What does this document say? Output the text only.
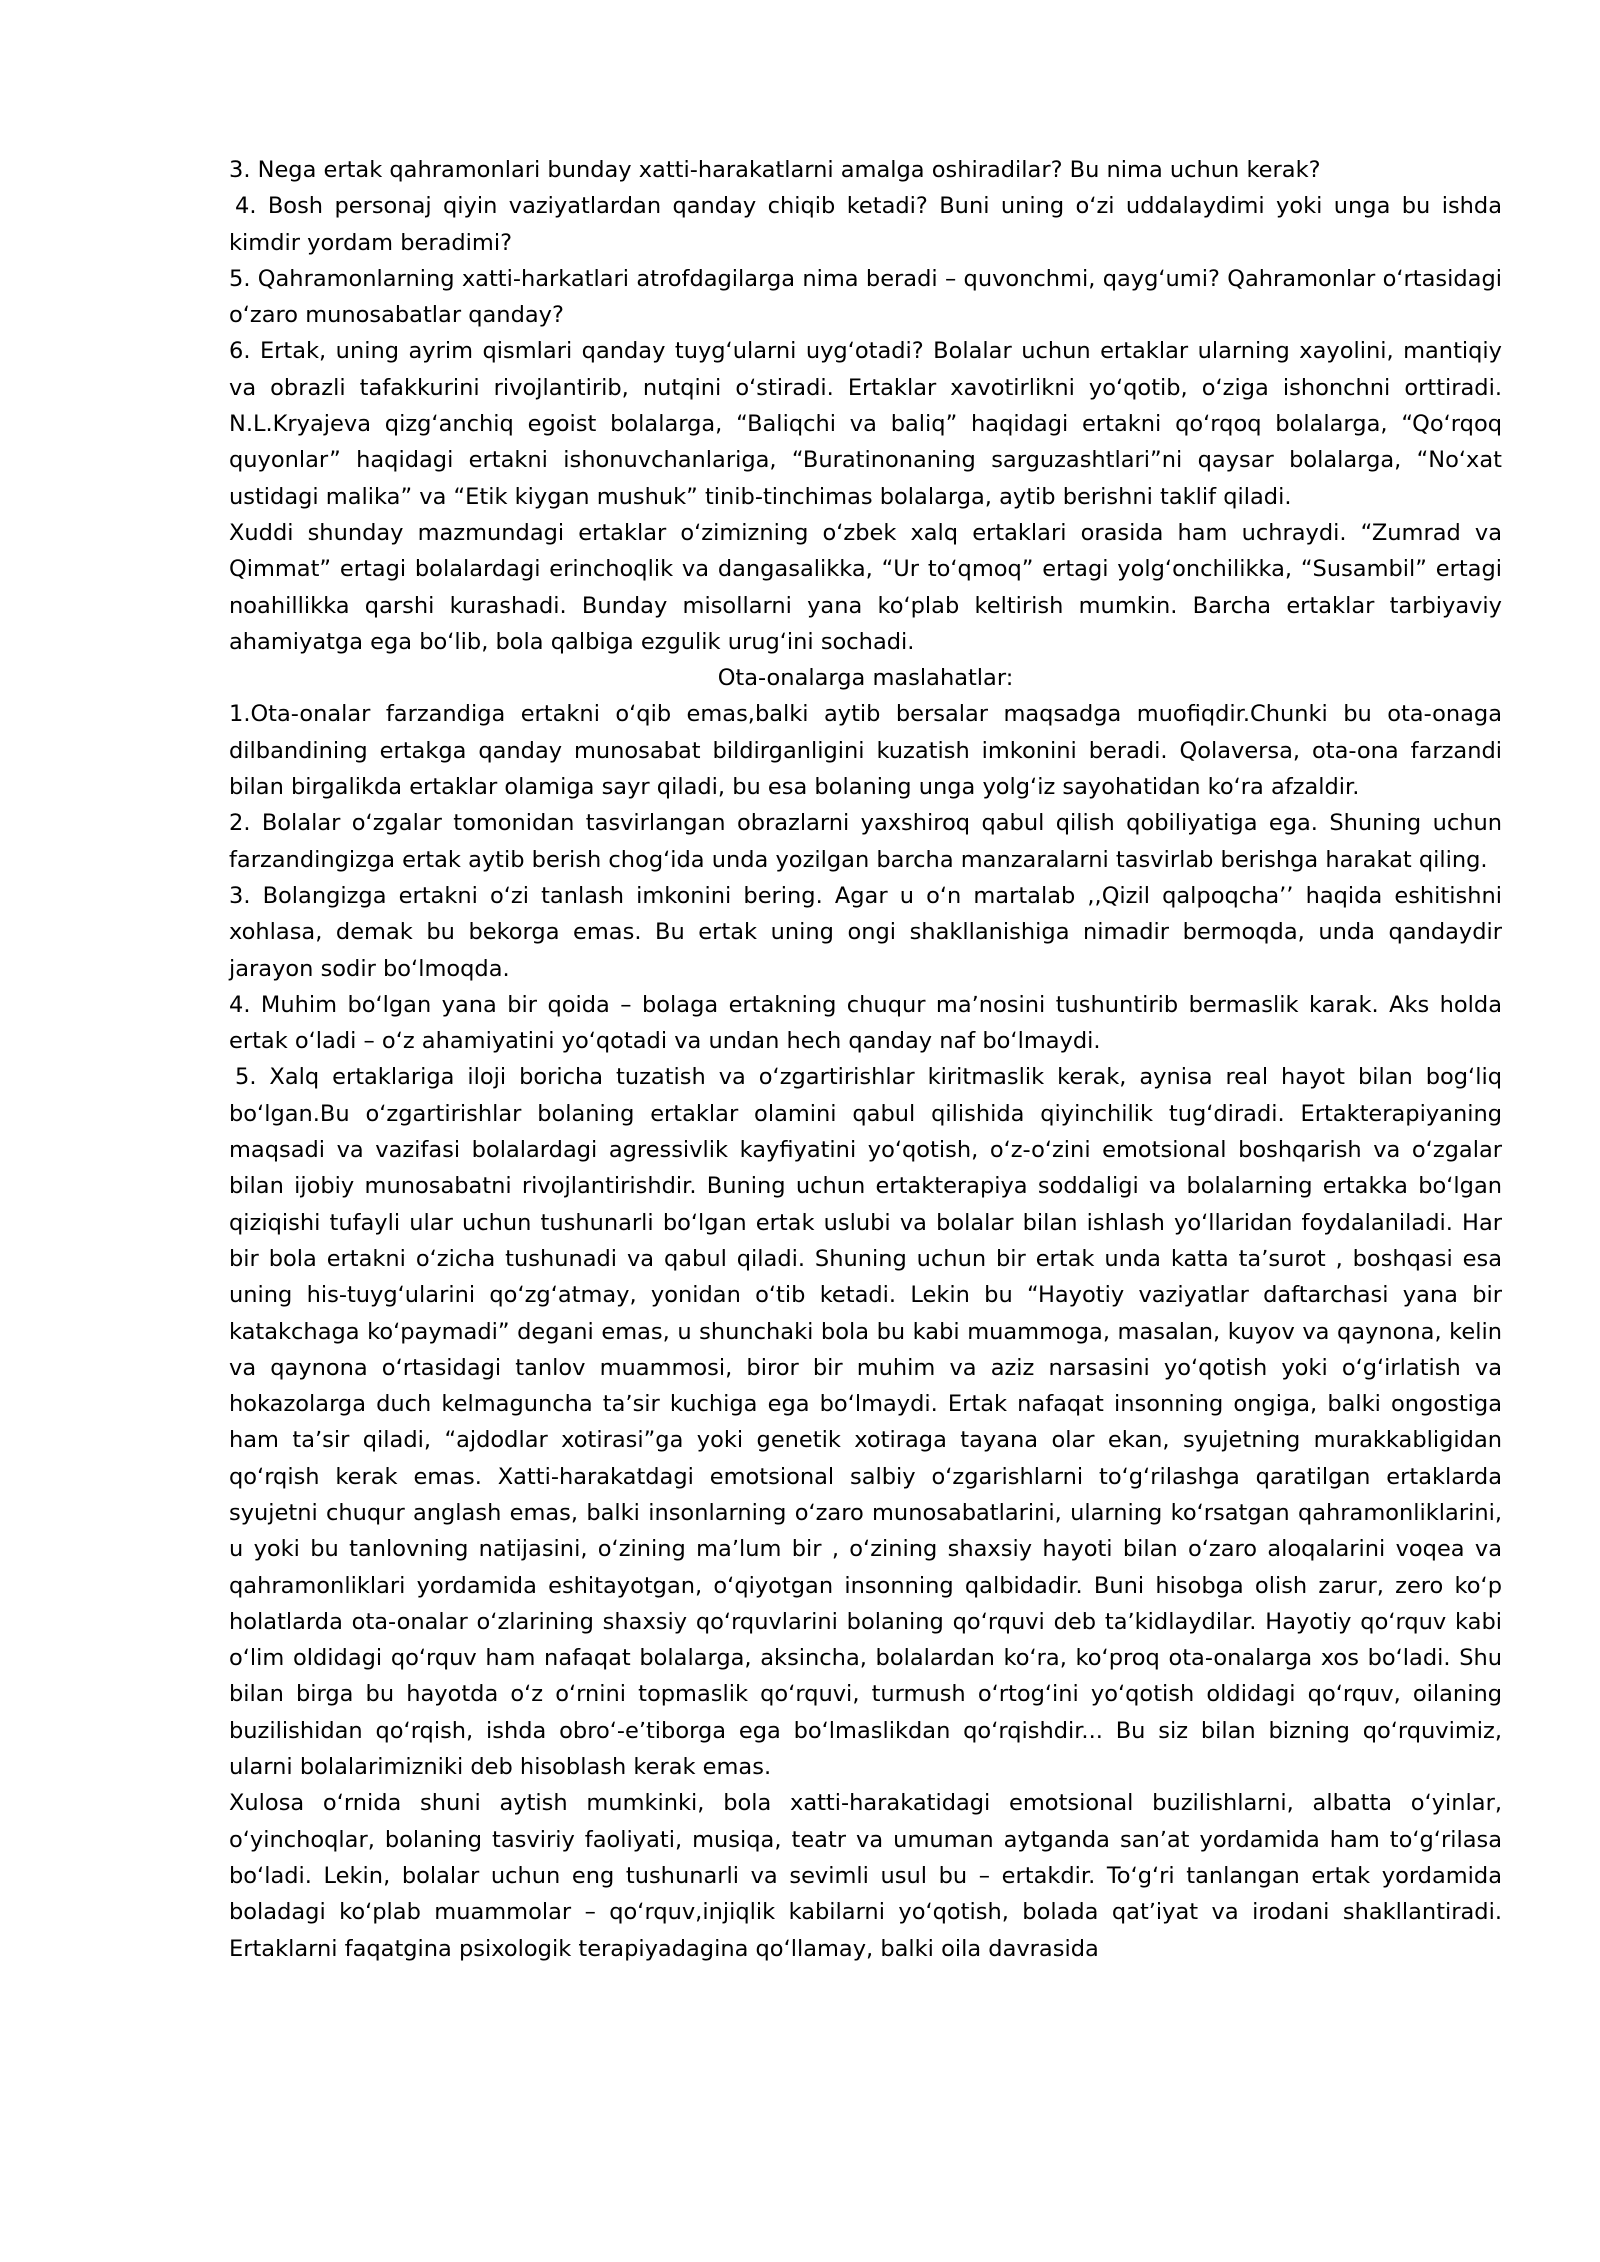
3. Nega ertak qahramonlari bunday xatti-harakatlarni amalga oshiradilar? Bu nima uchun kerak?

4. Bosh personaj qiyin vaziyatlardan qanday chiqib ketadi? Buni uning oʻzi uddalaydimi yoki unga bu ishda kimdir yordam beradimi?

5. Qahramonlarning xatti-harkatlari atrofdagilarga nima beradi – quvonchmi, qaygʻumi? Qahramonlar oʻrtasidagi oʻzaro munosabatlar qanday?

6. Ertak, uning ayrim qismlari qanday tuygʻularni uygʻotadi? Bolalar uchun ertaklar ularning xayolini, mantiqiy va obrazli tafakkurini rivojlantirib, nutqini oʻstiradi. Ertaklar xavotirlikni yoʻqotib, oʻziga ishonchni orttiradi. N.L.Kryajeva qizgʻanchiq egoist bolalarga, “Baliqchi va baliq” haqidagi ertakni qoʻrqoq bolalarga, “Qoʻrqoq quyonlar” haqidagi ertakni ishonuvchanlariga, “Buratinonaning sarguzashtlari”ni qaysar bolalarga, “Noʻxat ustidagi malika” va “Etik kiygan mushuk” tinib-tinchimas bolalarga, aytib berishni taklif qiladi.

Xuddi shunday mazmundagi ertaklar oʻzimizning oʻzbek xalq ertaklari orasida ham uchraydi. “Zumrad va Qimmat” ertagi bolalardagi erinchoqlik va dangasalikka, “Ur toʻqmoq” ertagi yolgʻonchilikka, “Susambil” ertagi noahillikka qarshi kurashadi. Bunday misollarni yana koʻplab keltirish mumkin. Barcha ertaklar tarbiyaviy ahamiyatga ega boʻlib, bola qalbiga ezgulik urugʻini sochadi.

Ota-onalarga maslahatlar:

1.Ota-onalar farzandiga ertakni oʻqib emas,balki aytib bersalar maqsadga muofiqdir.Chunki bu ota-onaga dilbandining ertakga qanday munosabat bildirganligini kuzatish imkonini beradi. Qolaversa, ota-ona farzandi bilan birgalikda ertaklar olamiga sayr qiladi, bu esa bolaning unga yolgʻiz sayohatidan koʻra afzaldir.

2. Bolalar oʻzgalar tomonidan tasvirlangan obrazlarni yaxshiroq qabul qilish qobiliyatiga ega. Shuning uchun farzandingizga ertak aytib berish chogʻida unda yozilgan barcha manzaralarni tasvirlab berishga harakat qiling.

3. Bolangizga ertakni oʻzi tanlash imkonini bering. Agar u oʻn martalab ,,Qizil qalpoqcha’’ haqida eshitishni xohlasa, demak bu bekorga emas. Bu ertak uning ongi shakllanishiga nimadir bermoqda, unda qandaydir jarayon sodir boʻlmoqda.

4. Muhim boʻlgan yana bir qoida – bolaga ertakning chuqur maʼnosini tushuntirib bermaslik karak. Aks holda ertak oʻladi – oʻz ahamiyatini yoʻqotadi va undan hech qanday naf boʻlmaydi.

5. Xalq ertaklariga iloji boricha tuzatish va oʻzgartirishlar kiritmaslik kerak, aynisa real hayot bilan bogʻliq boʻlgan.Bu oʻzgartirishlar bolaning ertaklar olamini qabul qilishida qiyinchilik tugʻdiradi. Ertakterapiyaning maqsadi va vazifasi bolalardagi agressivlik kayfiyatini yoʻqotish, oʻz-oʻzini emotsional boshqarish va oʻzgalar bilan ijobiy munosabatni rivojlantirishdir. Buning uchun ertakterapiya soddaligi va bolalarning ertakka boʻlgan qiziqishi tufayli ular uchun tushunarli boʻlgan ertak uslubi va bolalar bilan ishlash yoʻllaridan foydalaniladi. Har bir bola ertakni oʻzicha tushunadi va qabul qiladi. Shuning uchun bir ertak unda katta taʼsurot , boshqasi esa uning his-tuygʻularini qoʻzgʻatmay, yonidan oʻtib ketadi. Lekin bu “Hayotiy vaziyatlar daftarchasi yana bir katakchaga koʻpaymadi” degani emas, u shunchaki bola bu kabi muammoga, masalan, kuyov va qaynona, kelin va qaynona oʻrtasidagi tanlov muammosi, biror bir muhim va aziz narsasini yoʻqotish yoki oʻgʻirlatish va hokazolarga duch kelmaguncha taʼsir kuchiga ega boʻlmaydi. Ertak nafaqat insonning ongiga, balki ongostiga ham taʼsir qiladi, “ajdodlar xotirasi”ga yoki genetik xotiraga tayana olar ekan, syujetning murakkabligidan qoʻrqish kerak emas. Xatti-harakatdagi emotsional salbiy oʻzgarishlarni toʻgʻrilashga qaratilgan ertaklarda syujetni chuqur anglash emas, balki insonlarning oʻzaro munosabatlarini, ularning koʻrsatgan qahramonliklarini, u yoki bu tanlovning natijasini, oʻzining maʼlum bir , oʻzining shaxsiy hayoti bilan oʻzaro aloqalarini voqea va qahramonliklari yordamida eshitayotgan, oʻqiyotgan insonning qalbidadir. Buni hisobga olish zarur, zero koʻp holatlarda ota-onalar oʻzlarining shaxsiy qoʻrquvlarini bolaning qoʻrquvi deb taʼkidlaydilar. Hayotiy qoʻrquv kabi oʻlim oldidagi qoʻrquv ham nafaqat bolalarga, aksincha, bolalardan koʻra, koʻproq ota-onalarga xos boʻladi. Shu bilan birga bu hayotda oʻz oʻrnini topmaslik qoʻrquvi, turmush oʻrtogʻini yoʻqotish oldidagi qoʻrquv, oilaning buzilishidan qoʻrqish, ishda obroʻ-eʼtiborga ega boʻlmaslikdan qoʻrqishdir... Bu siz bilan bizning qoʻrquvimiz, ularni bolalarimizniki deb hisoblash kerak emas.

Xulosa oʻrnida shuni aytish mumkinki, bola xatti-harakatidagi emotsional buzilishlarni, albatta oʻyinlar, oʻyinchoqlar, bolaning tasviriy faoliyati, musiqa, teatr va umuman aytganda sanʼat yordamida ham toʻgʻrilasa boʻladi. Lekin, bolalar uchun eng tushunarli va sevimli usul bu – ertakdir. Toʻgʻri tanlangan ertak yordamida boladagi koʻplab muammolar – qoʻrquv,injiqlik kabilarni yoʻqotish, bolada qatʼiyat va irodani shakllantiradi. Ertaklarni faqatgina psixologik terapiyadagina qoʻllamay, balki oila davrasida
